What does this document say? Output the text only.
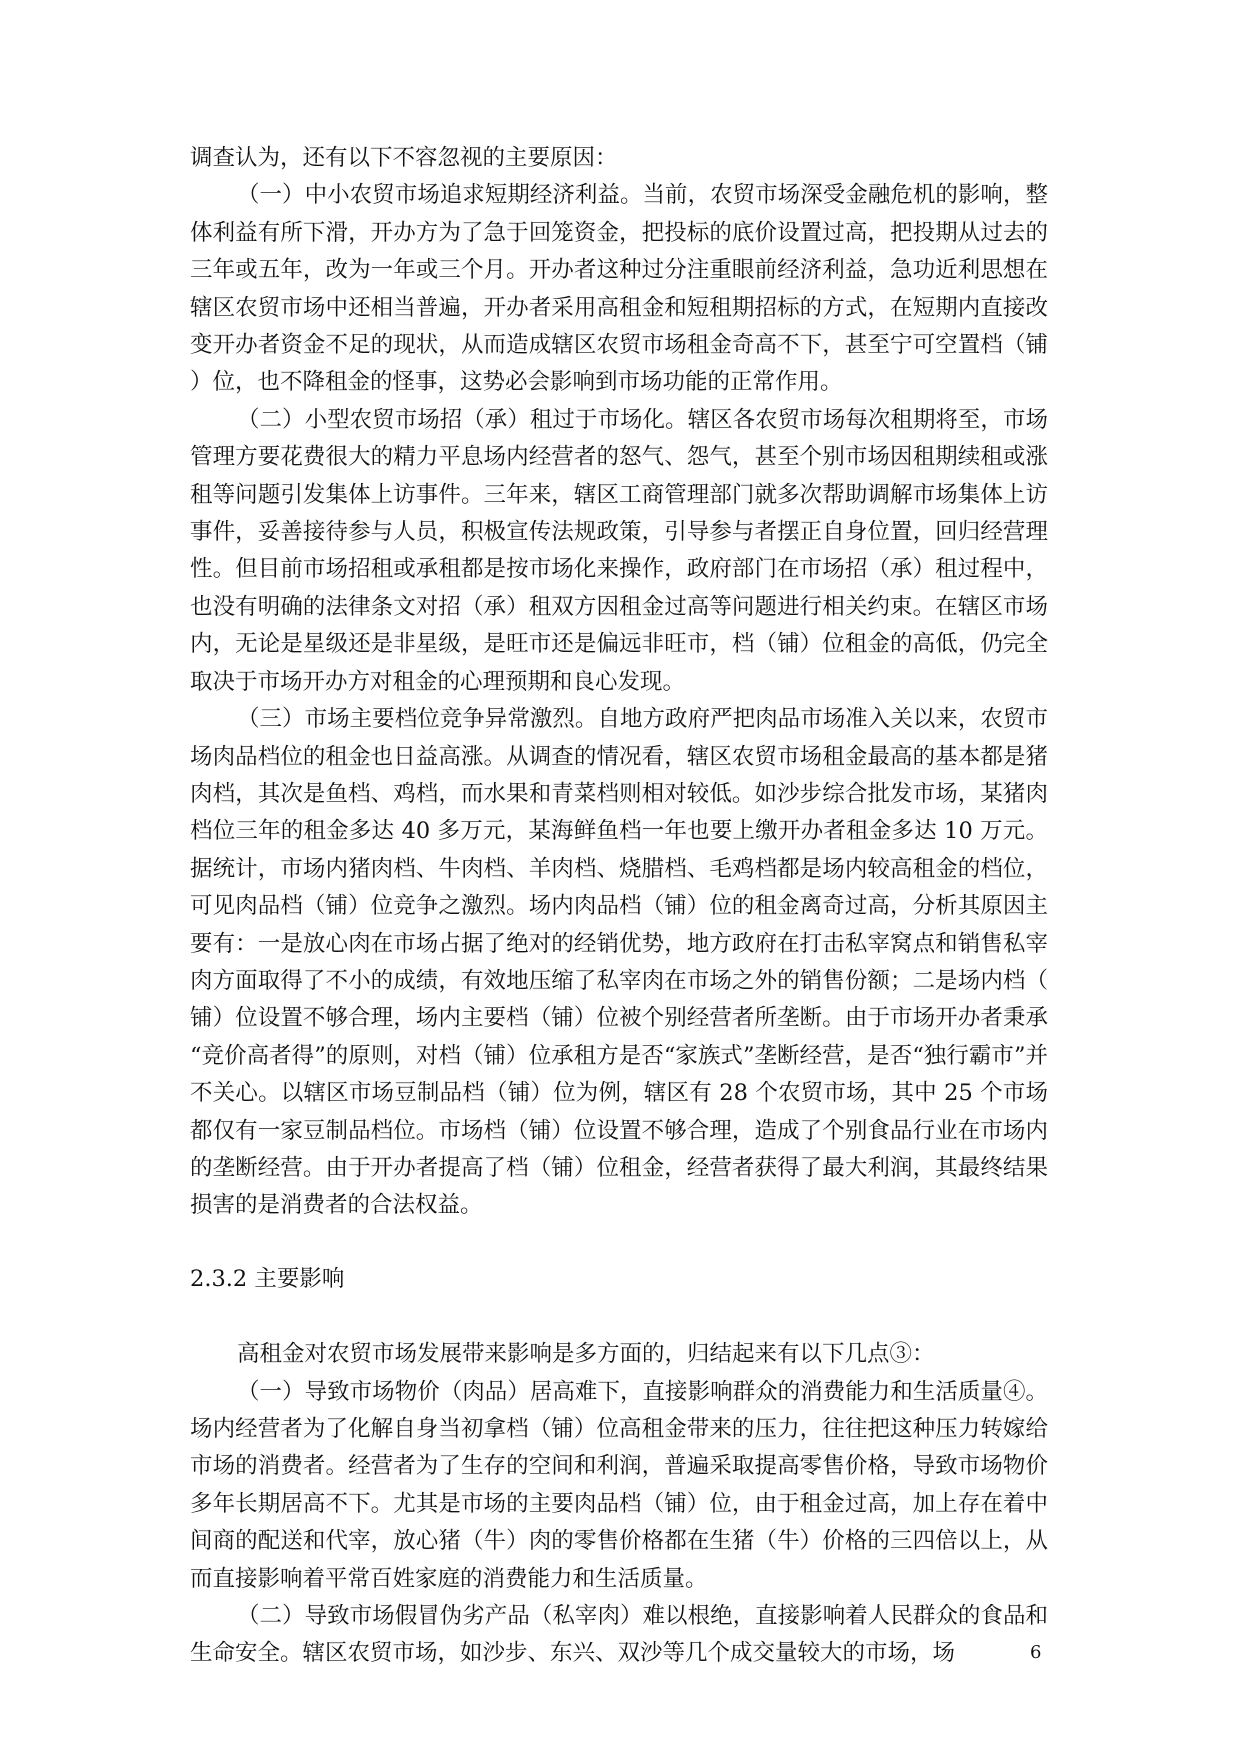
调查认为，还有以下不容忽视的主要原因：

（一）中小农贸市场追求短期经济利益。当前，农贸市场深受金融危机的影响，整体利益有所下滑，开办方为了急于回笼资金，把投标的底价设置过高，把投期从过去的三年或五年，改为一年或三个月。开办者这种过分注重眼前经济利益，急功近利思想在辖区农贸市场中还相当普遍，开办者采用高租金和短租期招标的方式，在短期内直接改变开办者资金不足的现状，从而造成辖区农贸市场租金奇高不下，甚至宁可空置档（铺）位，也不降租金的怪事，这势必会影响到市场功能的正常作用。

（二）小型农贸市场招（承）租过于市场化。辖区各农贸市场每次租期将至，市场管理方要花费很大的精力平息场内经营者的怒气、怨气，甚至个别市场因租期续租或涨租等问题引发集体上访事件。三年来，辖区工商管理部门就多次帮助调解市场集体上访事件，妥善接待参与人员，积极宣传法规政策，引导参与者摆正自身位置，回归经营理性。但目前市场招租或承租都是按市场化来操作，政府部门在市场招（承）租过程中，也没有明确的法律条文对招（承）租双方因租金过高等问题进行相关约束。在辖区市场内，无论是星级还是非星级，是旺市还是偏远非旺市，档（铺）位租金的高低，仍完全取决于市场开办方对租金的心理预期和良心发现。

（三）市场主要档位竞争异常激烈。自地方政府严把肉品市场准入关以来，农贸市场肉品档位的租金也日益高涨。从调查的情况看，辖区农贸市场租金最高的基本都是猪肉档，其次是鱼档、鸡档，而水果和青菜档则相对较低。如沙步综合批发市场，某猪肉档位三年的租金多达 40 多万元，某海鲜鱼档一年也要上缴开办者租金多达 10 万元。据统计，市场内猪肉档、牛肉档、羊肉档、烧腊档、毛鸡档都是场内较高租金的档位，可见肉品档（铺）位竞争之激烈。场内肉品档（铺）位的租金离奇过高，分析其原因主要有：一是放心肉在市场占据了绝对的经销优势，地方政府在打击私宰窝点和销售私宰肉方面取得了不小的成绩，有效地压缩了私宰肉在市场之外的销售份额；二是场内档（铺）位设置不够合理，场内主要档（铺）位被个别经营者所垄断。由于市场开办者秉承“竞价高者得”的原则，对档（铺）位承租方是否“家族式”垄断经营，是否“独行霸市”并不关心。以辖区市场豆制品档（铺）位为例，辖区有 28 个农贸市场，其中 25 个市场都仅有一家豆制品档位。市场档（铺）位设置不够合理，造成了个别食品行业在市场内的垄断经营。由于开办者提高了档（铺）位租金，经营者获得了最大利润，其最终结果损害的是消费者的合法权益。

2.3.2 主要影响

高租金对农贸市场发展带来影响是多方面的，归结起来有以下几点③：

（一）导致市场物价（肉品）居高难下，直接影响群众的消费能力和生活质量④。场内经营者为了化解自身当初拿档（铺）位高租金带来的压力，往往把这种压力转嫁给市场的消费者。经营者为了生存的空间和利润，普遍采取提高零售价格，导致市场物价多年长期居高不下。尤其是市场的主要肉品档（铺）位，由于租金过高，加上存在着中间商的配送和代宰，放心猪（牛）肉的零售价格都在生猪（牛）价格的三四倍以上，从而直接影响着平常百姓家庭的消费能力和生活质量。

（二）导致市场假冒伪劣产品（私宰肉）难以根绝，直接影响着人民群众的食品和生命安全。辖区农贸市场，如沙步、东兴、双沙等几个成交量较大的市场，场	6
